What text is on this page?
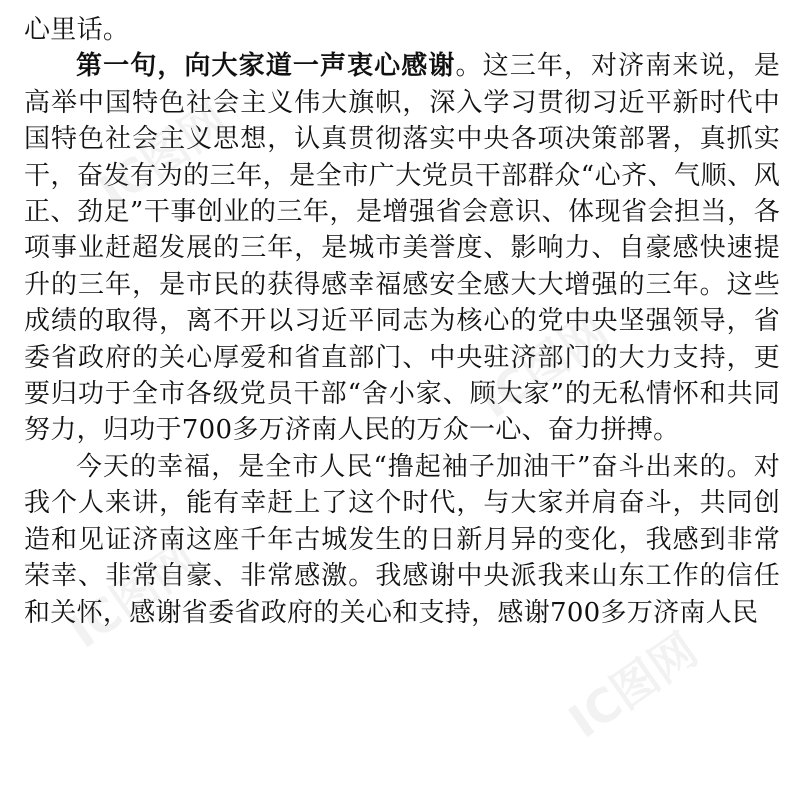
心里话。

第一句，向大家道一声衷心感谢。这三年，对济南来说，是高举中国特色社会主义伟大旗帜，深入学习贯彻习近平新时代中国特色社会主义思想，认真贯彻落实中央各项决策部署，真抓实干，奋发有为的三年，是全市广大党员干部群众“心齐、气顺、风正、劲足”干事创业的三年，是增强省会意识、体现省会担当，各项事业赶超发展的三年，是城市美誉度、影响力、自豪感快速提升的三年，是市民的获得感幸福感安全感大大增强的三年。这些成绩的取得，离不开以习近平同志为核心的党中央坚强领导，省委省政府的关心厚爱和省直部门、中央驻济部门的大力支持，更要归功于全市各级党员干部“舍小家、顾大家”的无私情怀和共同努力，归功于700多万济南人民的万众一心、奋力拼搏。

今天的幸福，是全市人民“撸起袖子加油干”奋斗出来的。对我个人来讲，能有幸赶上了这个时代，与大家并肩奋斗，共同创造和见证济南这座千年古城发生的日新月异的变化，我感到非常荣幸、非常自豪、非常感激。我感谢中央派我来山东工作的信任和关怀，感谢省委省政府的关心和支持，感谢700多万济南人民

IC图网
IC图网
IC图网
IC图网
